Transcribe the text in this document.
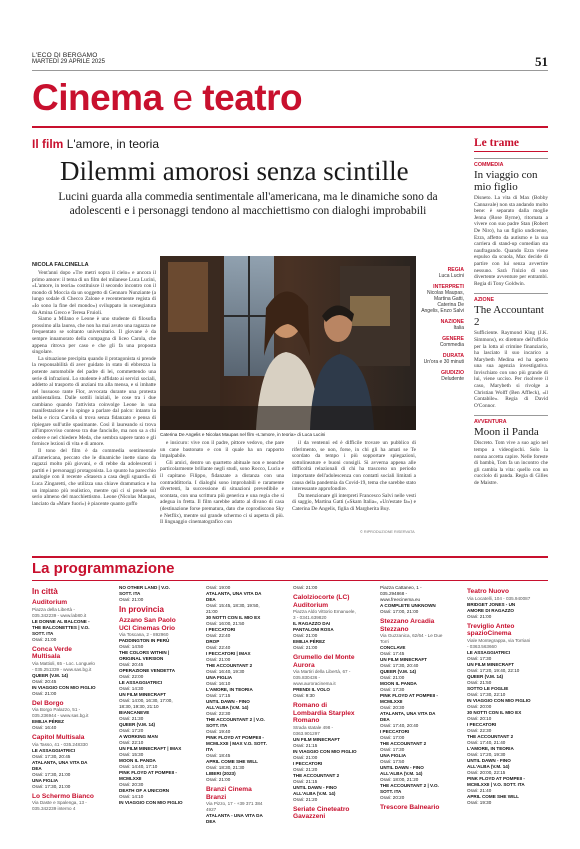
L'ECO DI BERGAMO
MARTEDÌ 29 APRILE 2025	51
Cinema e teatro
Il film L'amore, in teoria
Dilemmi amorosi senza scintille
Lucini guarda alla commedia sentimentale all'americana, ma le dinamiche sono da adolescenti e i personaggi tendono al macchiettismo con dialoghi improbabili
NICOLA FALCINELLA

Vent'anni dopo «Tre metri sopra il cielo» e ancora il primo amore: il tema di un film del milanese Luca Lucini, «L'amore, in teoria» costituisce il secondo incontro con il mondo di Moccia da un soggetto di Gennaro Nunziante (a lungo sodale di Checco Zalone e recentemente regista di «Io sono la fine del mondo») sviluppato in scenegiatura da Amina Greco e Teresa Fruioli.

Siamo a Milano e Leone è uno studente di filosofia prossimo alla laurea, che non ha mai avuto una ragazza ne frequentato se soltanto universitario. Il giovane è da sempre innamorato della compagna di liceo Carola, che appena ritrova per caso e che gli fa una proposta singolare.

La situazione precipita quando il protagonista si prende la responsabilità di aver guidato in stato di ebbrezza la potente automobile del padre di lei, commettendo una serie di infrazioni. Lo studente è affidato ai servizi sociali, addetto al trasporto di anziani tra alla mensa, e si imbatte nel lussuoso rante Flor, avvocata durante una protesta ambientalista. Dalle sottili iniziali, le cose tra i due cambiano quando l'attivista coinvolge Leone in una manifestazione e lo spinge a parlare dal palco: intanto la bella e ricca Carolla si trova senza fidanzato e pensa di ripiegare sull'utile spasimante. Così il laureando si trova all'improvviso conteso tra due fanciulle, ma non sa a chi cedere e nel chiedere Meda, che sembra sapere tanto e gli fornisce lezioni di vita e di amore.

Il tono del film è da commedia sentimentale all'americana, peccato che le dinamiche inette siano da ragazzi molto più giovani, e di rebbe da adolescenti i partiti e i personaggi protagonista. Lo spunto ha parecchio analogie con il recente «Stasera a casa degli sguardi» di Luca Zingaretti, che utilizza una chiave drammatica e ha un impianto più realistico, mentre qui ci si prende sul serio almeno del macchiettismo. Leone (Nicolas Maupas, lanciato da «Mare fuori») è piacente quanto goffo

Caterina De Angelis e Nicolas Maupas nel film «L'amore, in teoria» di Luca Lucini

e insicuro: vive con il padre, pittore vedovo, che pare un cane bastonato e con il quale ha un rapporto impalpabile.

Gli amici, dentro un quartetto abituale non e neanche particolarmente brillante negli studi, sono Rocco, Lucia e il capitano Filippo, fidanzate a distanza con una contraddittoria. I dialoghi sono improbabili e raramente divertenti, la successione di situazioni prevedibile e scontata, con una scrittura più generica e una regia che si adegua in fretta. Il film sarebbe adatto al divano di casa (destinazione forse prematura, dato che coprodiscono Sky e Netflix), mentre sul grande schermo ci si aspetta di più. Il linguaggio cinematografico con

il da ventenni ed è difficile trovare un pubblico di riferimento, se non, forse, in chi gli ha amati se Te scordato da tempo i più sopportare spiegazioni, sottolineature e buoni consigli. Si avverna appena alle difficoltà relazionali di chi ha trascorso un periodo importante dell'adolescenza con contatti sociali limitati a causa della pandemia da Covid-19, tema che sarebbe stato interessante approfondire.

Da menzionare gli interpreti Francesco Salvi nelle vesti di saggio, Martina Gatti («Skam Italia», «Un'estate fa») e Caterina De Angelis, figlia di Margherita Buy.

© RIPRODUZIONE RISERVATA
REGIA
Luca Lucini
INTERPRETI
Nicolas Maupas, Martina Gatti, Caterina De Angelis, Enzo Salvi
NAZIONE
Italia
GENERE
Commedia
DURATA
Un'ora e 30 minuti
GIUDIZIO
Deludente
Le trame
COMMEDIA
In viaggio con mio figlio
Disneto. La vita di Max (Bobby Cannavale) non sta andando molto bene: è separato dalla moglie Jenna (Rose Byrne), ritornata a vivere con suo padre Stan (Robert De Niro), ha un figlio undicenne, Ezra, affetto da autismo e la sua carriera di stand-up comedian sta naufragando. Quando Ezra viene espulso da scuola, Max decide di partire con lui senza avvertire nessuno. Sarà l'inizio di uno divertente avventure per entrambi. Regia di Tony Goldwin.
AZIONE
The Accountant 2
Sufficiente. Raymond King (J.K. Simmons), ex direttore dell'ufficio per la lotta al crimine finanziario, ha lasciato il suo incarico a Marybeth Medina ed ha aperto una sua agenzia investigativa. Invischiato con uno più grande di lui, viene ucciso. Per risolvere il caso, Marybeth si rivolge a Christian Wolff (Ben Affleck), «il Contabile». Regia di David O'Connor.
AVVENTURA
Moon il Panda
Discreto. Tom vive a suo agio nel tempo a videogiochi. Solo la nonna accetta capire. Nelle foreste di bambù, Tom fa un incontro che gli cambia la vita: quello con un cucciolo di panda. Regia di Gilles de Maistre.
La programmazione
In città
Auditorium
Piazza della Libertà - 035.342239 - www.lab80.it
LE DONNE AL BALCONE - THE BALCONETTES | V.O. SOTT. ITA
Orari: 21:00
Conca Verde Multisala
Via Mattioli, 65 - Loc. Longuelo - 035.251339 - www.sas.bg.it
QUEER (V.M. 14)
Orari: 20:45
IN VIAGGIO CON MIO FIGLIO
Orari: 21:00
Del Borgo
Via Borgo Palazzo, 51 - 035.236944 - www.sas.bg.it
EMILIA PÉREZ
Orari: 16:40
Capitol Multisala
Via Tasso, 41 - 035.248330
LE ASSAGGIATRICI
Orari: 17:30, 20:45
ATALANTA, UNA VITA DA DEA
Orari: 17:30, 21:00
UNA FIGLIA
Orari: 17:30, 21:00
Lo Schermo Bianco
Via Daste e Spalenga, 13 - 035.342239 interno 4
NO OTHER LAND | V.O. SOTT. ITA
Orari: 21:00
In provincia
Azzano San Paolo UCI Cinemas Orio
Via Toscana, 2 - 892960
PADDINGTON IN PERÙ
Orari: 14:50
THE COLORS WITHIN | ORIGINAL VERSION
Orari: 20:45
OPERAZIONE VENDETTA
Orari: 22:00
LE ASSAGGIATRICI
Orari: 14:30
UN FILM MINECRAFT
Orari: 14:00, 16:30, 17:00, 18:30, 19:30, 21:10
BIANCANEVE
Orari: 21:30
QUEER (V.M. 14)
Orari: 17:20
A WORKING MAN
Orari: 22:10
UN FILM MINECRAFT | IMAX
Orari: 15:30
MOON IL PANDA
Orari: 14:40, 17:10
PINK FLOYD AT POMPEII - MCMLXXII
Orari: 20:30
DEATH OF A UNICORN
Orari: 14:10
IN VIAGGIO CON MIO FIGLIO
Orari: 19:00
ATALANTA, UNA VITA DA DEA
Orari: 15:45, 18:30, 19:50, 21:00
30 NOTTI CON IL MIO EX
Orari: 16:00, 21:50
I PECCATORI
Orari: 22:40
DROP
Orari: 22:40
I PECCATORI | IMAX
Orari: 21:00
THE ACCOUNTANT 2
Orari: 16:40, 19:30
UNA FIGLIA
Orari: 16:10
L'AMORE, IN TEORIA
Orari: 17:15
UNTIL DAWN - FINO ALL'ALBA (V.M. 14)
Orari: 22:30
THE ACCOUNTANT 2 | V.O. SOTT. ITA
Orari: 19:40
PINK FLOYD AT POMPEII - MCMLXXII | MAX V.O. SOTT. ITA
Orari: 18:45
APRIL COME SHE WILL
Orari: 18:30, 21:30
LIBERI (2023)
Orari: 21:00
Branzi Cinema Branzi
Via Pizzo, 17 - +39 371 384 4927
ATALANTA - UNA VITA DA DEA
Orari: 21:00
Calolziocorte (LC) Auditorium
Piazza Aldo Vittorio Emanuele, 3 - 0341.639820
IL RAGAZZO DAI PANTALONI ROSA
Orari: 21:00
EMILIA PÉREZ
Orari: 21:00
Grumello del Monte Aurora
Via Martiri della Libertà, 67 - 035.830436 - www.auroracinema.it
PRENDI IL VOLO
Orari: 9:30
Romano di Lombardia Starplex Romano
Strada statale 498 - 0363.901297
UN FILM MINECRAFT
Orari: 21:15
IN VIAGGIO CON MIO FIGLIO
Orari: 21:00
I PECCATORI
Orari: 21:20
THE ACCOUNTANT 2
Orari: 21:15
UNTIL DAWN - FINO ALL'ALBA (V.M. 14)
Orari: 21:20
Seriate Cineteatro Gavazzeni
Piazza Cattaneo, 1 - 035.294868 - www.freecinema.eu
A COMPLETE UNKNOWN
Orari: 17:00, 21:00
Stezzano Arcadia Stezzano
Via Guzzanica, 62/64 - Le Due Torri
CONCLAVE
Orari: 17:45
UN FILM MINECRAFT
Orari: 17:30, 20:40
QUEER (V.M. 14)
Orari: 21:00
MOON IL PANDA
Orari: 17:30
PINK FLOYD AT POMPEII - MCMLXXII
Orari: 20:30
ATALANTA, UNA VITA DA DEA
Orari: 17:40, 20:40
I PECCATORI
Orari: 17:00
THE ACCOUNTANT 2
Orari: 17:30
UNA FIGLIA
Orari: 17:50
UNTIL DAWN - FINO ALL'ALBA (V.M. 14)
Orari: 18:00, 21:20
THE ACCOUNTANT 2 | V.O. SOTT. ITA
Orari: 20:20
Trescore Balneario
Teatro Nuovo
Via Locatelli, 104 - 035.940087
BRIDGET JONES - UN AMORE DI RAGAZZO
Orari: 21:00
Treviglio Anteo spazioCinema
Viale Montegrappa, via Torriani - 0363.563660
LE ASSAGGIATRICI
Orari: 17:30
UN FILM MINECRAFT
Orari: 17:20, 19:40, 22:10
QUEER (V.M. 14)
Orari: 21:50
SOTTO LE FOGLIE
Orari: 17:30, 22:10
IN VIAGGIO CON MIO FIGLIO
Orari: 20:00
30 NOTTI CON IL MIO EX
Orari: 20:10
I PECCATORI
Orari: 22:30
THE ACCOUNTANT 2
Orari: 17:40, 21:40
L'AMORE, IN TEORIA
Orari: 17:20, 19:30
UNTIL DAWN - FINO ALL'ALBA (V.M. 14)
Orari: 20:00, 22:15
PINK FLOYD AT POMPEII - MCMLXXII | V.O. SOTT. ITA
Orari: 21:40
APRIL COME SHE WILL
Orari: 19:30
